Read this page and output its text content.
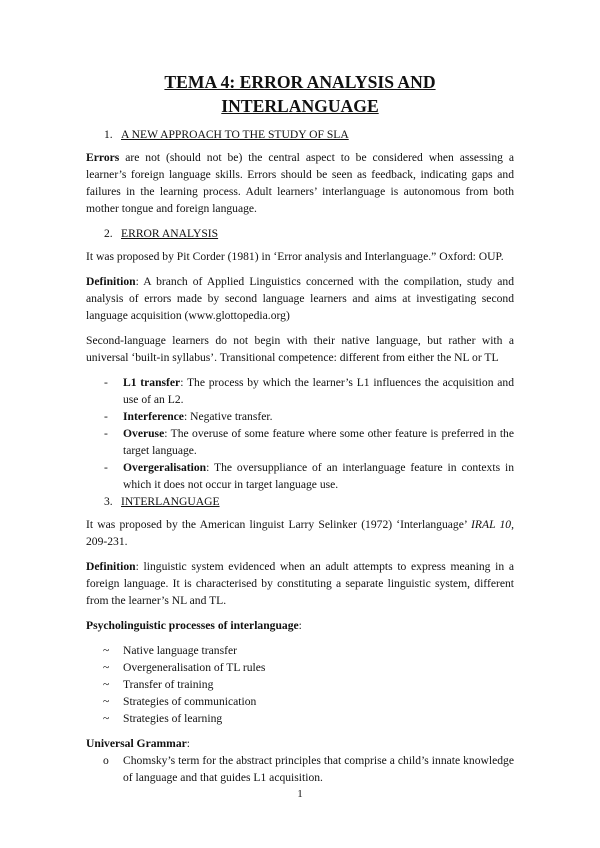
TEMA 4: ERROR ANALYSIS AND INTERLANGUAGE
1. A NEW APPROACH TO THE STUDY OF SLA

Errors are not (should not be) the central aspect to be considered when assessing a learner’s foreign language skills. Errors should be seen as feedback, indicating gaps and failures in the learning process. Adult learners’ interlanguage is autonomous from both mother tongue and foreign language.

2. ERROR ANALYSIS

It was proposed by Pit Corder (1981) in ‘Error analysis and Interlanguage.” Oxford: OUP.

Definition: A branch of Applied Linguistics concerned with the compilation, study and analysis of errors made by second language learners and aims at investigating second language acquisition (www.glottopedia.org)

Second-language learners do not begin with their native language, but rather with a universal ‘built-in syllabus’. Transitional competence: different from either the NL or TL

-	L1 transfer: The process by which the learner’s L1 influences the acquisition and use of an L2.
-	Interference: Negative transfer.
-	Overuse: The overuse of some feature where some other feature is preferred in the target language.
-	Overgeralisation: The oversuppliance of an interlanguage feature in contexts in which it does not occur in target language use.
3. INTERLANGUAGE

It was proposed by the American linguist Larry Selinker (1972) ‘Interlanguage’ IRAL 10, 209-231.

Definition: linguistic system evidenced when an adult attempts to express meaning in a foreign language. It is characterised by constituting a separate linguistic system, different from the learner’s NL and TL.

Psycholinguistic processes of interlanguage:

~	Native language transfer
~	Overgeneralisation of TL rules
~	Transfer of training
~	Strategies of communication
~	Strategies of learning

Universal Grammar:

o	Chomsky’s term for the abstract principles that comprise a child’s innate knowledge of language and that guides L1 acquisition.
1
